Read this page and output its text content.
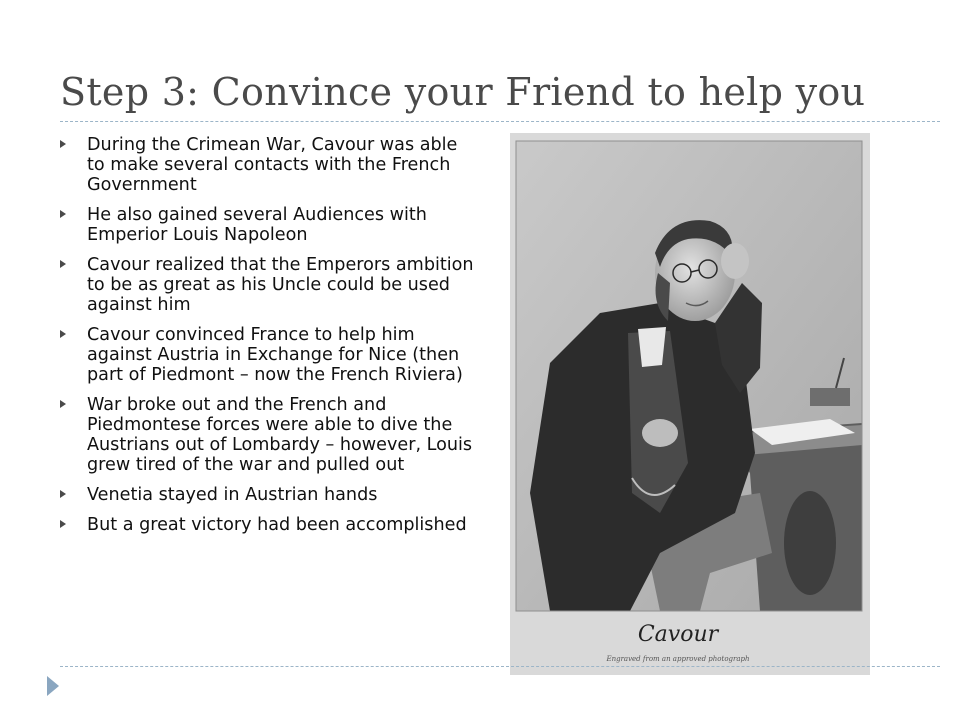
Step 3: Convince your Friend to help you
During the Crimean War, Cavour was able to make several contacts with the French Government
He also gained several Audiences with Emperior Louis Napoleon
Cavour realized that the Emperors ambition to be as great as his Uncle could be used against him
Cavour convinced France to help him against Austria in Exchange for Nice (then part of Piedmont – now the French Riviera)
War broke out and the French and Piedmontese forces were able to dive the Austrians out of Lombardy – however, Louis grew tired of the war and pulled out
Venetia stayed in Austrian hands
But a great victory had been accomplished
Cavour
Engraved from an approved photograph
